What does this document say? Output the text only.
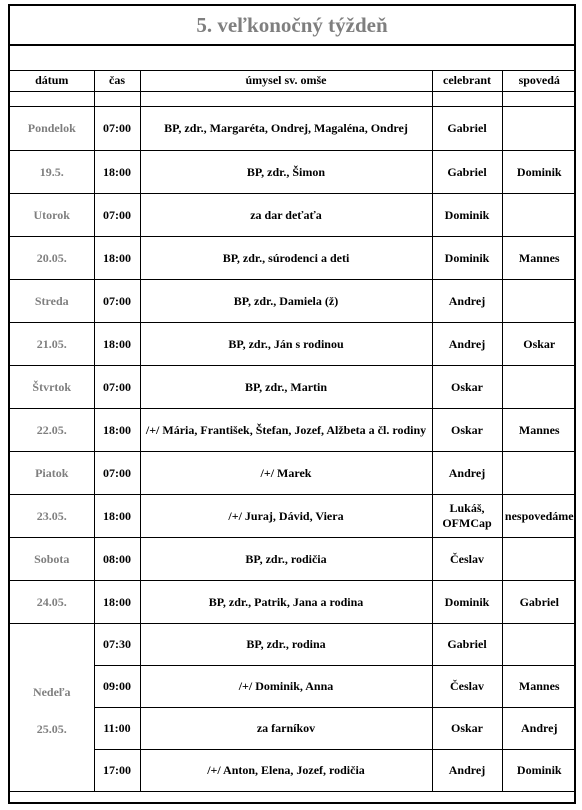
5. veľkonočný týždeň
dátum	čas	úmysel sv. omše	celebrant	spovedá

Pondelok	07:00	BP, zdr., Margaréta, Ondrej, Magaléna, Ondrej	Gabriel	
19.5.	18:00	BP, zdr., Šimon	Gabriel	Dominik
Utorok	07:00	za dar deťaťa	Dominik	
20.05.	18:00	BP, zdr., súrodenci a deti	Dominik	Mannes
Streda	07:00	BP, zdr., Damiela (ž)	Andrej	
21.05.	18:00	BP, zdr., Ján s rodinou	Andrej	Oskar
Štvrtok	07:00	BP, zdr., Martin	Oskar	
22.05.	18:00	/+/ Mária, František, Štefan, Jozef, Alžbeta a čl. rodiny	Oskar	Mannes
Piatok	07:00	/+/ Marek	Andrej	
23.05.	18:00	/+/ Juraj, Dávid, Viera	Lukáš, OFMCap	nespovedáme
Sobota	08:00	BP, zdr., rodičia	Česlav	
24.05.	18:00	BP, zdr., Patrik, Jana a rodina	Dominik	Gabriel

Nedeľa
25.05.	07:30	BP, zdr., rodina	Gabriel	
	09:00	/+/ Dominik, Anna	Česlav	Mannes
	11:00	za farníkov	Oskar	Andrej
	17:00	/+/ Anton, Elena, Jozef, rodičia	Andrej	Dominik
